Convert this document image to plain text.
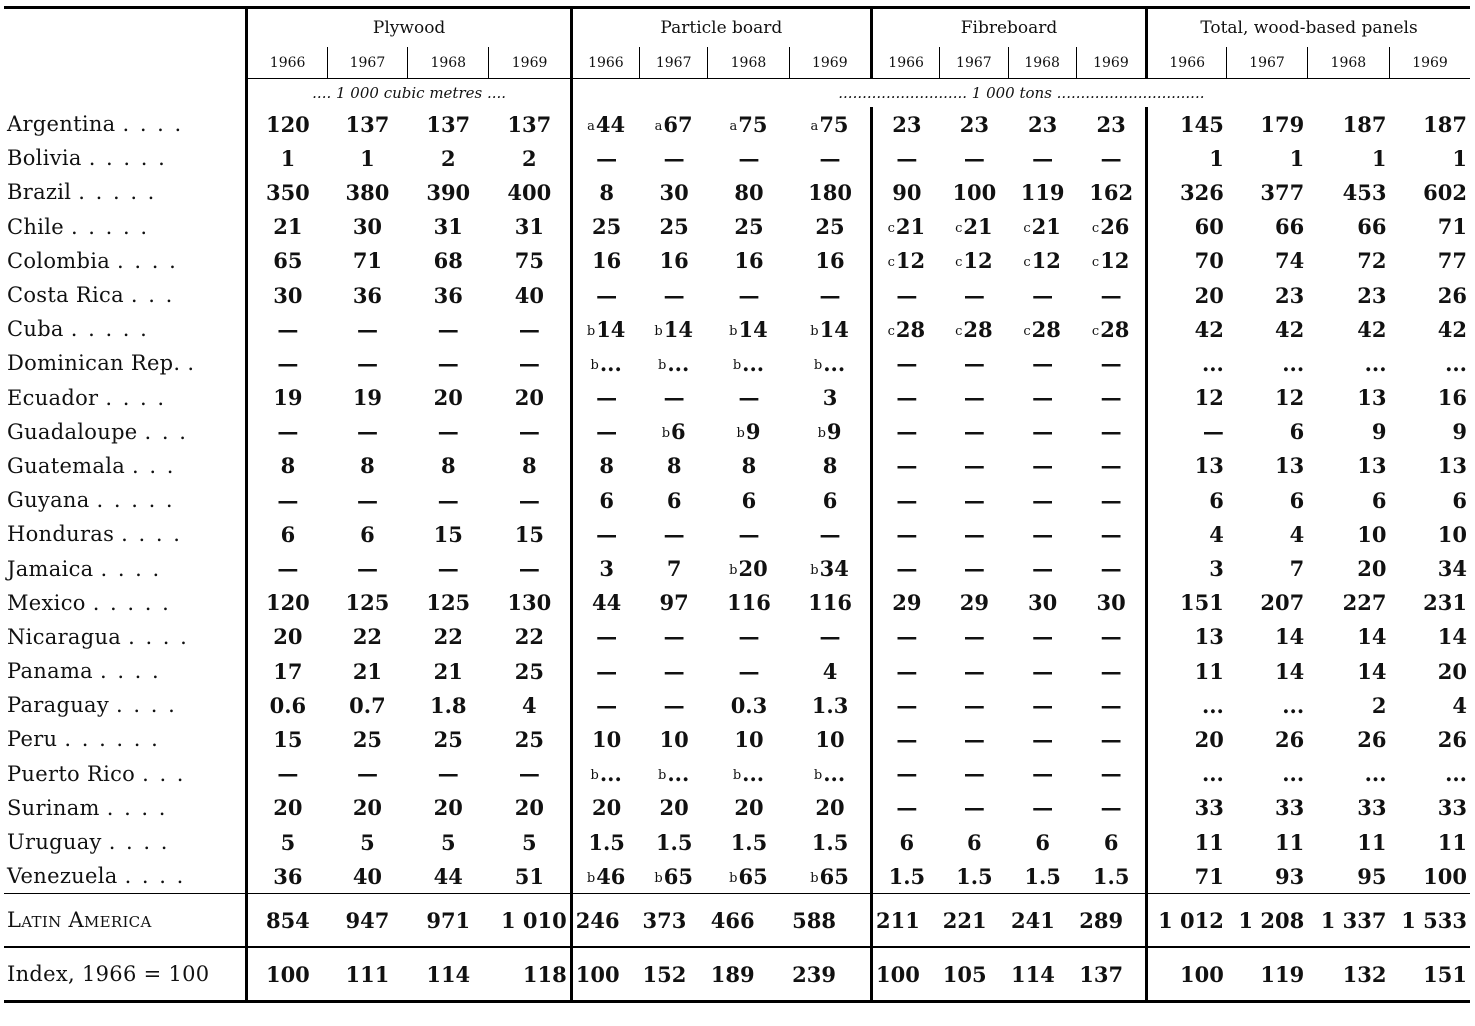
	Plywood				Particle board				Fibreboard				Total, wood-based panels			
	1966	1967	1968	1969	1966	1967	1968	1969	1966	1967	1968	1969	1966	1967	1968	1969
	.... 1 000 cubic metres ....				........................... 1 000 tons ...............................											
Argentina . . . .	120	137	137	137	a44	a67	a75	a75	23	23	23	23	145	179	187	187
Bolivia . . . . .	1	1	2	2	—	—	—	—	—	—	—	—	1	1	1	1
Brazil . . . . .	350	380	390	400	8	30	80	180	90	100	119	162	326	377	453	602
Chile . . . . .	21	30	31	31	25	25	25	25	c21	c21	c21	c26	60	66	66	71
Colombia . . . .	65	71	68	75	16	16	16	16	c12	c12	c12	c12	70	74	72	77
Costa Rica . . .	30	36	36	40	—	—	—	—	—	—	—	—	20	23	23	26
Cuba . . . . .	—	—	—	—	b14	b14	b14	b14	c28	c28	c28	c28	42	42	42	42
Dominican Rep. .	—	—	—	—	b...	b...	b...	b...	—	—	—	—	...	...	...	...
Ecuador . . . .	19	19	20	20	—	—	—	3	—	—	—	—	12	12	13	16
Guadaloupe . . .	—	—	—	—	—	b6	b9	b9	—	—	—	—	—	6	9	9
Guatemala . . .	8	8	8	8	8	8	8	8	—	—	—	—	13	13	13	13
Guyana . . . . .	—	—	—	—	6	6	6	6	—	—	—	—	6	6	6	6
Honduras . . . .	6	6	15	15	—	—	—	—	—	—	—	—	4	4	10	10
Jamaica . . . .	—	—	—	—	3	7	b20	b34	—	—	—	—	3	7	20	34
Mexico . . . . .	120	125	125	130	44	97	116	116	29	29	30	30	151	207	227	231
Nicaragua . . . .	20	22	22	22	—	—	—	—	—	—	—	—	13	14	14	14
Panama . . . .	17	21	21	25	—	—	—	4	—	—	—	—	11	14	14	20
Paraguay . . . .	0.6	0.7	1.8	4	—	—	0.3	1.3	—	—	—	—	...	...	2	4
Peru . . . . . .	15	25	25	25	10	10	10	10	—	—	—	—	20	26	26	26
Puerto Rico . . .	—	—	—	—	b...	b...	b...	b...	—	—	—	—	...	...	...	...
Surinam . . . .	20	20	20	20	20	20	20	20	—	—	—	—	33	33	33	33
Uruguay . . . .	5	5	5	5	1.5	1.5	1.5	1.5	6	6	6	6	11	11	11	11
Venezuela . . . .	36	40	44	51	b46	b65	b65	b65	1.5	1.5	1.5	1.5	71	93	95	100
Latin America	854	947	971	1 010	246	373	466	588	211	221	241	289	1 012	1 208	1 337	1 533
Index, 1966 = 100	100	111	114	118	100	152	189	239	100	105	114	137	100	119	132	151
